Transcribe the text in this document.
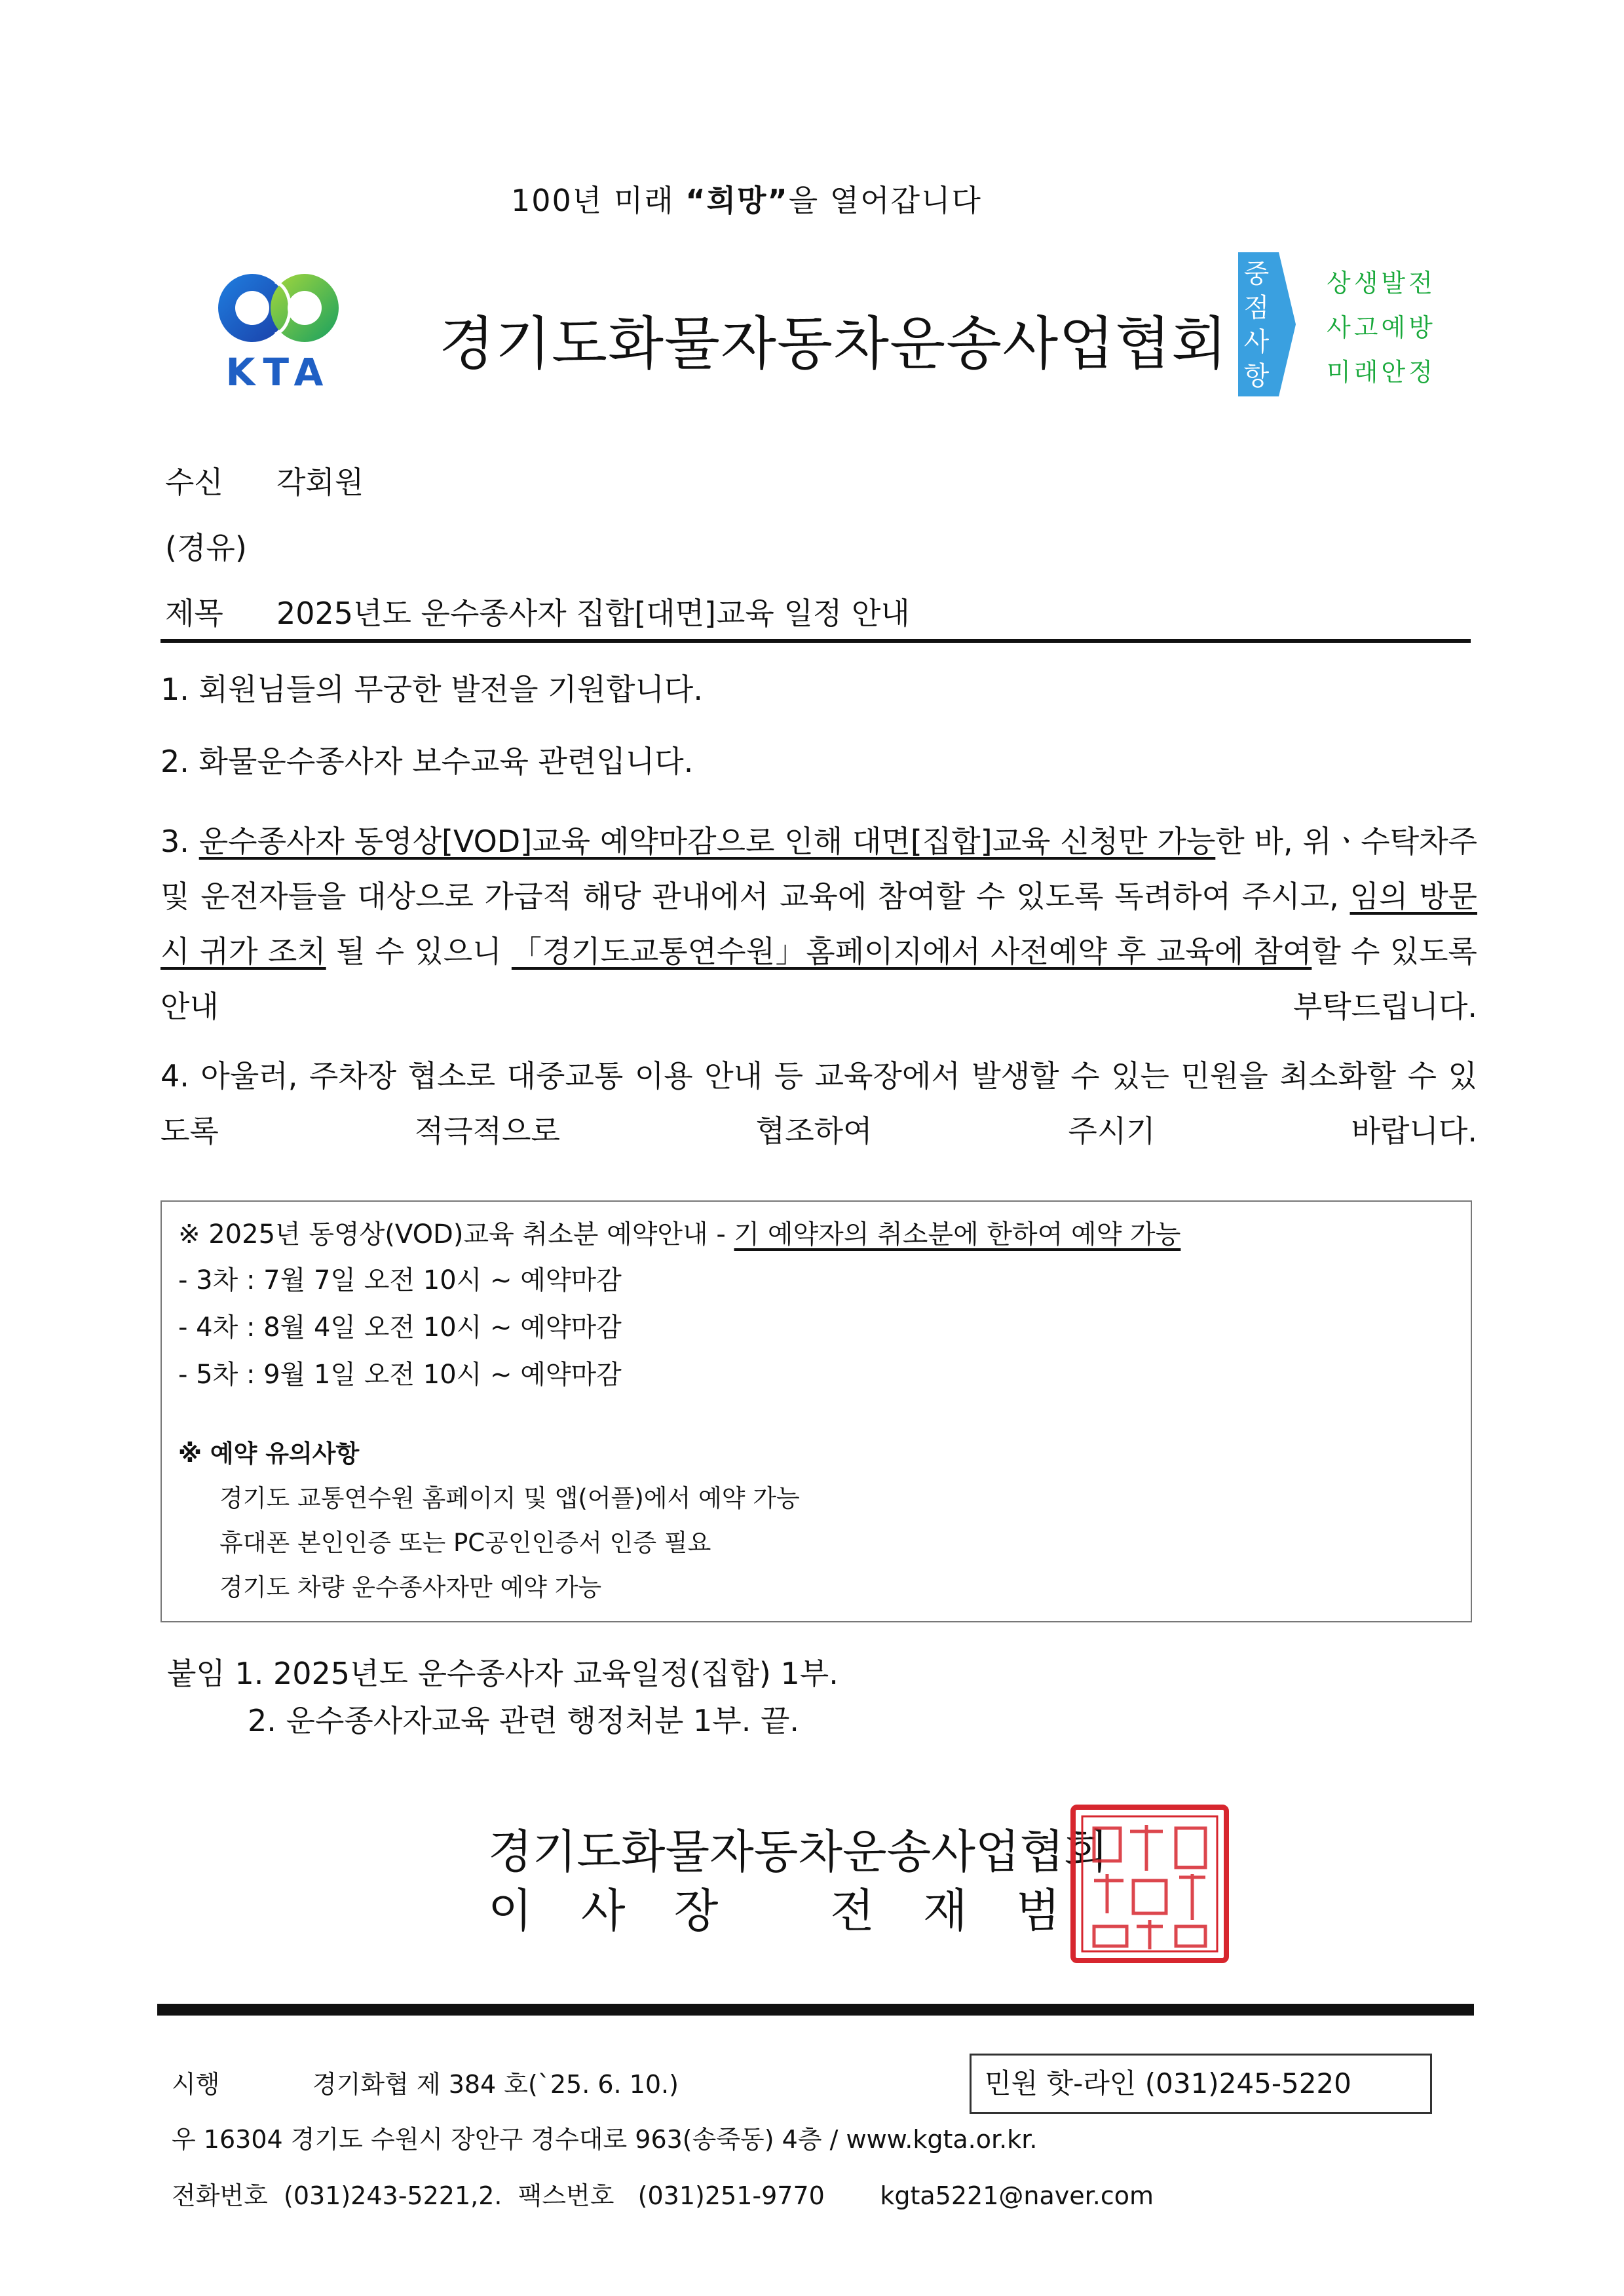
100년 미래 “희망”을 열어갑니다
KTA 경기도화물자동차운송사업협회
중
점
사
항
상생발전
사고예방
미래안정
수신 각회원
(경유)
제목 2025년도 운수종사자 집합[대면]교육 일정 안내
1. 회원님들의 무궁한 발전을 기원합니다.
2. 화물운수종사자 보수교육 관련입니다.

3. 운수종사자 동영상[VOD]교육 예약마감으로 인해 대면[집합]교육 신청만 가능한 바, 위ㆍ수탁차주 및 운전자들을 대상으로 가급적 해당 관내에서 교육에 참여할 수 있도록 독려하여 주시고, 임의 방문 시 귀가 조치 될 수 있으니 「경기도교통연수원」홈페이지에서 사전예약 후 교육에 참여할 수 있도록 안내 부탁드립니다.

4. 아울러, 주차장 협소로 대중교통 이용 안내 등 교육장에서 발생할 수 있는 민원을 최소화할 수 있도록 적극적으로 협조하여 주시기 바랍니다.

※ 2025년 동영상(VOD)교육 취소분 예약안내 - 기 예약자의 취소분에 한하여 예약 가능
- 3차 : 7월 7일 오전 10시 ~ 예약마감
- 4차 : 8월 4일 오전 10시 ~ 예약마감
- 5차 : 9월 1일 오전 10시 ~ 예약마감
※ 예약 유의사항
경기도 교통연수원 홈페이지 및 앱(어플)에서 예약 가능
휴대폰 본인인증 또는 PC공인인증서 인증 필요
경기도 차량 운수종사자만 예약 가능
붙임 1. 2025년도 운수종사자 교육일정(집합) 1부.
2. 운수종사자교육 관련 행정처분 1부. 끝.
경기도화물자동차운송사업협회
이 사 장   전 재 범
시행	경기화협 제 384 호(`25. 6. 10.)	민원 핫-라인 (031)245-5220
우 16304 경기도 수원시 장안구 경수대로 963(송죽동) 4층 / www.kgta.or.kr.
전화번호  (031)243-5221,2.  팩스번호   (031)251-9770       kgta5221@naver.com
